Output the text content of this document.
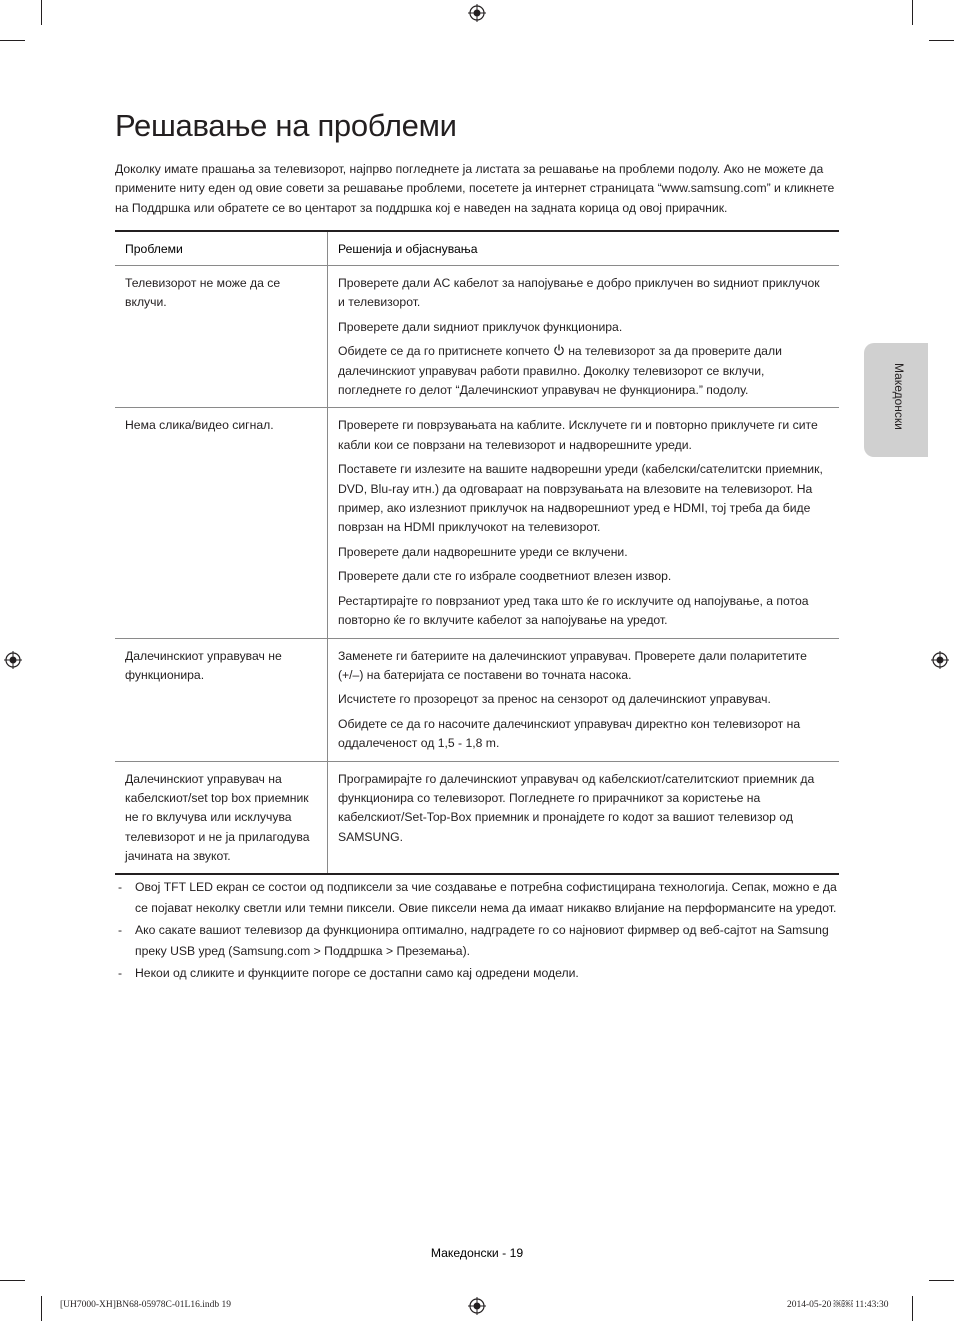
Решавање на проблеми

Доколку имате прашања за телевизорот, најпрво погледнете ја листата за решавање на проблеми подолу. Ако не можете да примените ниту еден од овие совети за решавање проблеми, посетете ја интернет страницата “www.samsung.com” и кликнете на Поддршка или обратете се во центарот за поддршка кој е наведен на задната корица од овој прирачник.

Проблеми	Решенија и објаснувања
Телевизорот не може да се вклучи.	Проверете дали AC кабелот за напојување е добро приклучен во ѕидниот приклучок и телевизорот.
Проверете дали ѕидниот приклучок функционира.
Обидете се да го притиснете копчето на телевизорот за да проверите дали далечинскиот управувач работи правилно. Доколку телевизорот се вклучи, погледнете го делот “Далечинскиот управувач не функционира.” подолу.

Нема слика/видео сигнал.	Проверете ги поврзувањата на каблите. Исклучете ги и повторно приклучете ги сите кабли кои се поврзани на телевизорот и надворешните уреди.
Поставете ги излезите на вашите надворешни уреди (кабелски/сателитски приемник, DVD, Blu-ray итн.) да одговараат на поврзувањата на влезовите на телевизорот. На пример, ако излезниот приклучок на надворешниот уред е HDMI, тој треба да биде поврзан на HDMI приклучокот на телевизорот.
Проверете дали надворешните уреди се вклучени.
Проверете дали сте го избрале соодветниот влезен извор.
Рестартирајте го поврзаниот уред така што ќе го исклучите од напојување, а потоа повторно ќе го вклучите кабелот за напојување на уредот.

Далечинскиот управувач не функционира.	Заменете ги батериите на далечинскиот управувач. Проверете дали поларитетите (+/–) на батеријата се поставени во точната насока.
Исчистете го прозорецот за пренос на сензорот од далечинскиот управувач.
Обидете се да го насочите далечинскиот управувач директно кон телевизорот на оддалеченост од 1,5 - 1,8 m.

Далечинскиот управувач на кабелскиот/set top box приемник не го вклучува или исклучува телевизорот и не ја прилагодува јачината на звукот.	Програмирајте го далечинскиот управувач од кабелскиот/сателитскиот приемник да функционира со телевизорот. Погледнете го прирачникот за користење на кабелскиот/Set-Top-Box приемник и пронајдете го кодот за вашиот телевизор од SAMSUNG.
- Овој TFT LED екран се состои од подпиксели за чие создавање е потребна софистицирана технологија. Сепак, можно е да се појават неколку светли или темни пиксели. Овие пиксели нема да имаат никакво влијание на перформансите на уредот.
- Ако сакате вашиот телевизор да функционира оптимално, надградете го со најновиот фирмвер од веб-сајтот на Samsung преку USB уред (Samsung.com > Поддршка > Преземања).
- Некои од сликите и функциите погоре се достапни само кај одредени модели.
Македонски
Македонски - 19
[UH7000-XH]BN68-05978C-01L16.indb 19	2014-05-20 ￼￼ 11:43:30
